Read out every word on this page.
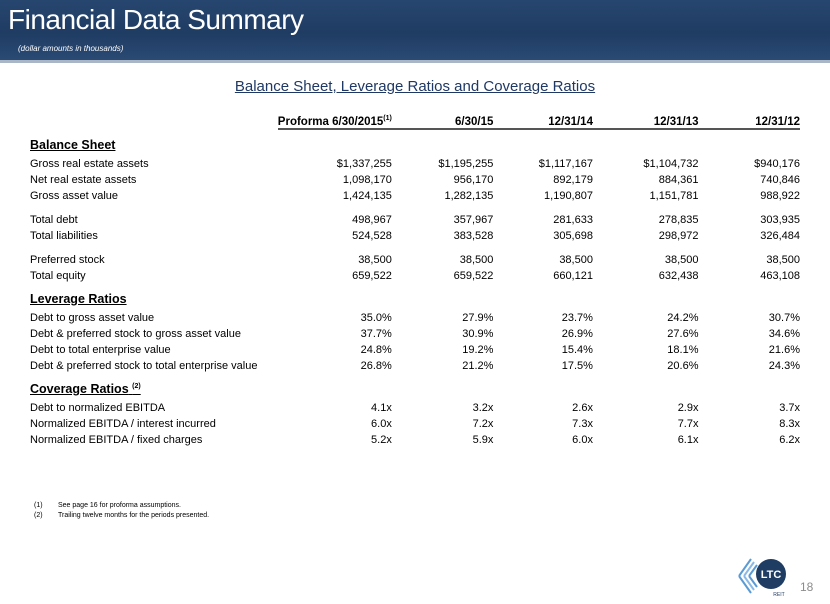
Financial Data Summary
(dollar amounts in thousands)
Balance Sheet, Leverage Ratios and Coverage Ratios
	Proforma 6/30/2015$^{(1)}$	6/30/15	12/31/14	12/31/13	12/31/12
Balance Sheet					
Gross real estate assets	$1,337,255	$1,195,255	$1,117,167	$1,104,732	$940,176
Net real estate assets	1,098,170	956,170	892,179	884,361	740,846
Gross asset value	1,424,135	1,282,135	1,190,807	1,151,781	988,922

Total debt	498,967	357,967	281,633	278,835	303,935
Total liabilities	524,528	383,528	305,698	298,972	326,484

Preferred stock	38,500	38,500	38,500	38,500	38,500
Total equity	659,522	659,522	660,121	632,438	463,108
Leverage Ratios					
Debt to gross asset value	35.0%	27.9%	23.7%	24.2%	30.7%
Debt & preferred stock to gross asset value	37.7%	30.9%	26.9%	27.6%	34.6%
Debt to total enterprise value	24.8%	19.2%	15.4%	18.1%	21.6%
Debt & preferred stock to total enterprise value	26.8%	21.2%	17.5%	20.6%	24.3%
Coverage Ratios $^{(2)}$
Debt to normalized EBITDA	4.1x	3.2x	2.6x	2.9x	3.7x
Normalized EBITDA / interest incurred	6.0x	7.2x	7.3x	7.7x	8.3x
Normalized EBITDA / fixed charges	5.2x	5.9x	6.0x	6.1x	6.2x
(1)	See page 16 for proforma assumptions.
(2)	Trailing twelve months for the periods presented.
LTC
REIT
18
